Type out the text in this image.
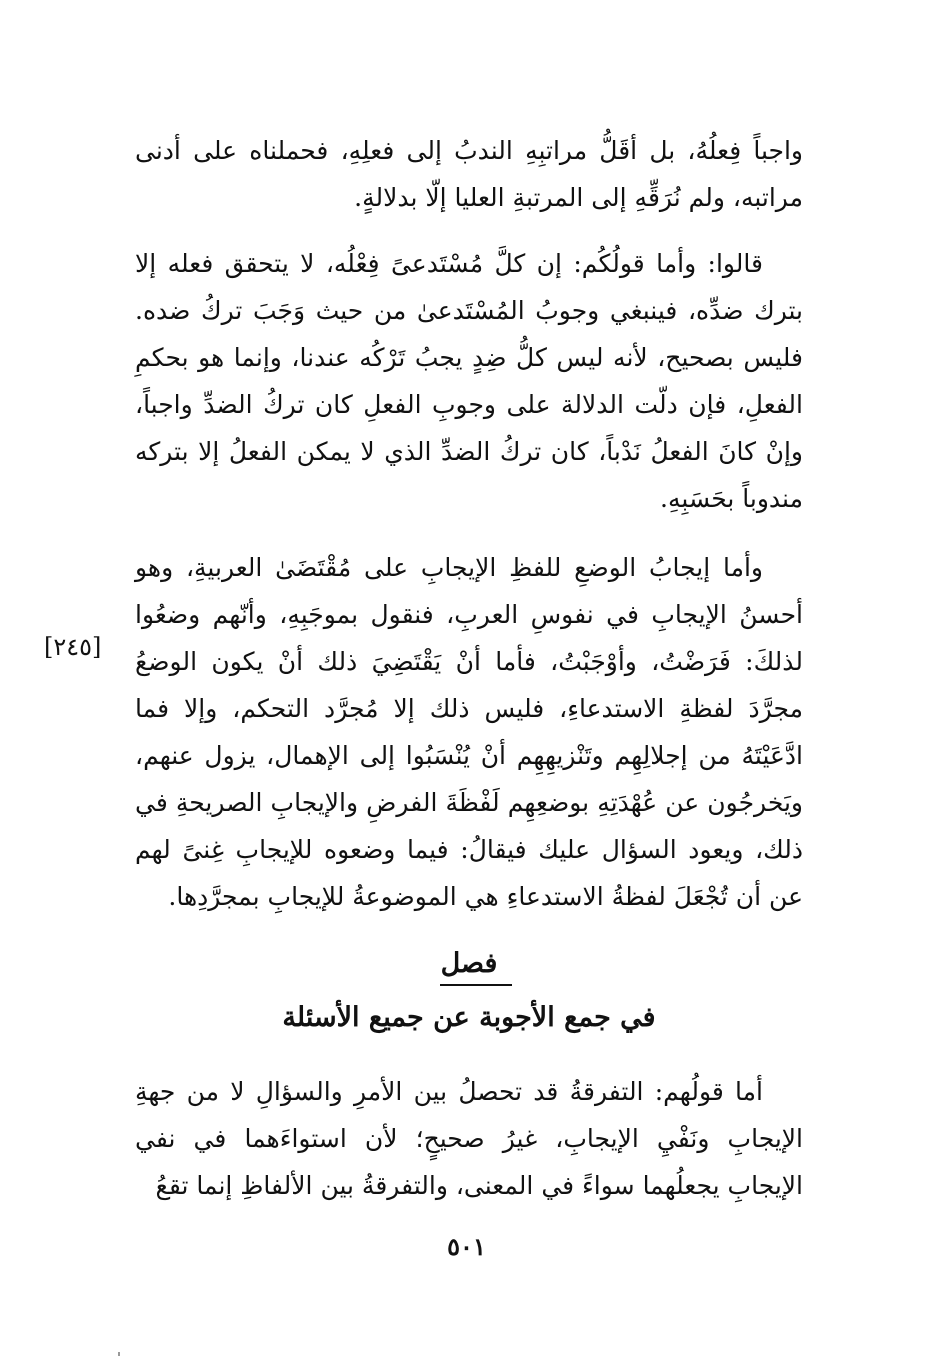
واجباً فِعلُهُ، بل أقَلُّ مراتبِهِ الندبُ إلى فعلِهِ، فحملناه على أدنى مراتبه، ولم نُرَقِّهِ إلى المرتبةِ العليا إلّا بدلالةٍ.

قالوا: وأما قولُكُم: إن كلَّ مُسْتَدعىً فِعْلُه، لا يتحقق فعله إلا بترك ضدِّه، فينبغي وجوبُ المُسْتَدعىٰ من حيث وَجَبَ تركُ ضده. فليس بصحيح، لأنه ليس كلُّ ضِدٍ يجبُ تَرْكُه عندنا، وإنما هو بحكمِ الفعلِ، فإن دلّت الدلالة على وجوبِ الفعلِ كان تركُ الضدِّ واجباً، وإنْ كانَ الفعلُ نَدْباً، كان تركُ الضدِّ الذي لا يمكن الفعلُ إلا بتركه مندوباً بحَسَبِهِ.

وأما إيجابُ الوضعِ للفظِ الإيجابِ على مُقْتَضَىٰ العربيةِ، وهو أحسنُ الإيجابِ في نفوسِ العربِ، فنقول بموجَبِهِ، وأنّهم وضعُوا لذلكَ: فَرَضْتُ، وأوْجَبْتُ، فأما أنْ يَقْتَضِيَ ذلك أنْ يكون الوضعُ مجرَّدَ لفظةِ الاستدعاءِ، فليس ذلك إلا مُجرَّد التحكم، وإلا فما ادَّعَيْتَهُ من إجلالِهِم وتَنْزيهِهِم أنْ يُنْسَبُوا إلى الإهمال، يزول عنهم، ويَخرجُون عن عُهْدَتِهِ بوضعِهِم لَفْظَةَ الفرضِ والإيجابِ الصريحةِ في ذلك، ويعود السؤال عليك فيقالُ: فيما وضعوه للإيجابِ غِنىً لهم عن أن تُجْعَلَ لفظةُ الاستدعاءِ هي الموضوعةُ للإيجابِ بمجرَّدِها.

[٢٤٥]
فصل
في جمع الأجوبة عن جميع الأسئلة

أما قولُهم: التفرقةُ قد تحصلُ بين الأمرِ والسؤالِ لا من جهةِ الإيجابِ ونَفْيِ الإيجابِ، غيرُ صحيحٍ؛ لأن استواءَهما في نفي الإيجابِ يجعلُهما سواءً في المعنى، والتفرقةُ بين الألفاظِ إنما تقعُ

٥٠١
